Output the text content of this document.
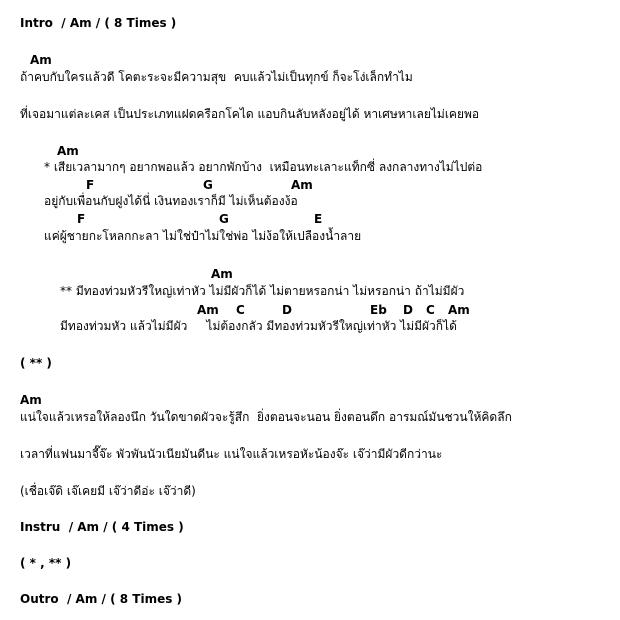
Intro  / Am / ( 8 Times )

Am

ถ้าคบกับใครแล้วดี โคตะระจะมีความสุข  คบแล้วไม่เป็นทุกข์ ก็จะโง่เล็กทำไม

ที่เจอมาแต่ละเคส เป็นประเภทแฝดครือกโคได แอบกินลับหลังอยู่ได้ หาเศษหาเลยไม่เคยพอ

Am

* เสียเวลามากๆ อยากพอแล้ว อยากพักบ้าง  เหมือนทะเลาะแท็กซี่ ลงกลางทางไม่ไปต่อ

F	G	Am

อยู่กับเพื่อนกับฝูงได้นี่ เงินทองเราก็มี ไม่เห็นต้องง้อ

F	G	E

แค่ผู้ชายกะโหลกกะลา ไม่ใช่ป๋าไม่ใช่พ่อ ไม่ง้อให้เปลืองน้ำลาย

Am

** มีทองท่วมหัวรีใหญ่เท่าหัว ไม่มีผัวก็ได้ ไม่ตายหรอกน่า ไม่หรอกน่า ถ้าไม่มีผัว

Am C	D	Eb D C Am

มีทองท่วมหัว แล้วไม่มีผัว     ไม่ต้องกลัว มีทองท่วมหัวรีใหญ่เท่าหัว ไม่มีผัวก็ได้

( ** )

Am

แน่ใจแล้วเหรอให้ลองนึก วันใดขาดผัวจะรู้สึก  ยิ่งตอนจะนอน ยิ่งตอนดึก อารมณ์มันชวนให้คิดลึก

เวลาที่แฟนมาจี๊จ๊ะ พัวพันนัวเนียมันดีนะ แน่ใจแล้วเหรอหัะน้องจ๊ะ เจ๊ว่ามีผัวดีกว่านะ

(เชื่อเจ๊ดิ เจ๊เคยมี เจ๊ว่าดีอ่ะ เจ๊ว่าดี)

Instru  / Am / ( 4 Times )

( * , ** )

Outro  / Am / ( 8 Times )
